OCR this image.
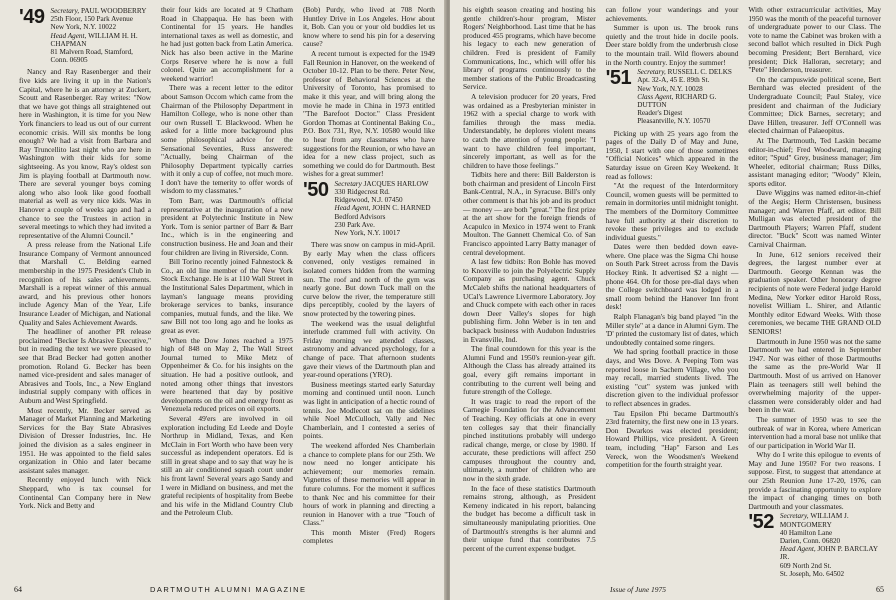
'49 Secretary, PAUL WOODBERRY
25th Floor, 150 Park Avenue
New York, N.Y. 10022
Head Agent, WILLIAM H. H. CHAPMAN
81 Malvern Road, Stamford, Conn. 06905

Nancy and Ray Rasenberger and their five kids are living it up in the Nation's Capital, where he is an attorney at Zuckert, Scoutt and Rasenberger. Ray writes: "Now that we have got things all straightened out here in Washington, it is time for you New York financiers to lead us out of our current economic crisis. Will six months be long enough? We had a visit from Barbara and Ray Truncellito last night who are here in Washington with their kids for some sightseeing. As you know, Ray's oldest son Jim is playing football at Dartmouth now. There are several younger boys coming along who also look like good football material as well as very nice kids. Was in Hanover a couple of weeks ago and had a chance to see the Trustees in action in several meetings to which they had invited a representative of the Alumni Council."

A press release from the National Life Insurance Company of Vermont announced that Marshall C. Belding earned membership in the 1975 President's Club in recognition of his sales achievements. Marshall is a repeat winner of this annual award, and his previous other honors include Agency Man of the Year, Life Insurance Leader of Michigan, and National Quality and Sales Achievement Awards.

The headliner of another PR release proclaimed "Becker Is Abrasive Executive," but in reading the text we were pleased to see that Brad Becker had gotten another promotion. Roland G. Becker has been named vice-president and sales manager of Abrasives and Tools, Inc., a New England industrial supply company with offices in Auburn and West Springfield.

Most recently, Mr. Becker served as Manager of Market Planning and Marketing Services for the Bay State Abrasives Division of Dresser Industries, Inc. He joined the division as a sales engineer in 1951. He was appointed to the field sales organization in Ohio and later became assistant sales manager.

Recently enjoyed lunch with Nick Sheppard, who is tax counsel for Continental Can Company here in New York. Nick and Betty and

their four kids are located at 9 Chatham Road in Chappaqua. He has been with Continental for 15 years. He handles international taxes as well as domestic, and he had just gotten back from Latin America. Nick has also been active in the Marine Corps Reserve where he is now a full colonel. Quite an accomplishment for a weekend warrior!

There was a recent letter to the editor about Samson Occom which came from the Chairman of the Philosophy Department in Hamilton College, who is none other than our own Russell T. Blackwood. When he asked for a little more background plus some philosophical advice for the Sensational Seventies, Russ answered: "Actually, being Chairman of the Philosophy Department typically carries with it only a cup of coffee, not much more. I don't have the temerity to offer words of wisdom to my classmates."

Tom Barr, was Dartmouth's official representative at the inauguration of a new president at Polytechnic Institute in New York. Tom is senior partner of Barr & Barr Inc., which is in the engineering and construction business. He and Joan and their four children are living in Riverside, Conn.

Bill Torino recently joined Fahnestock & Co., an old line member of the New York Stock Exchange. He is at 110 Wall Street in the Institutional Sales Department, which in layman's language means providing brokerage services to banks, insurance companies, mutual funds, and the like. We saw Bill not too long ago and he looks as great as ever.

When the Dow Jones reached a 1975 high of 848 on May 2, The Wall Street Journal turned to Mike Metz of Oppenheimer & Co. for his insights on the situation. He had a positive outlook, and noted among other things that investors were heartened that day by positive developments on the oil and energy front as Venezuela reduced prices on oil exports.

Several 49'ers are involved in oil exploration including Ed Leede and Doyle Northrup in Midland, Texas, and Ken McClain in Fort Worth who have been very successful as independent operators. Ed is still in great shape and to say that way he is still an air conditioned squash court under his front lawn! Several years ago Sandy and I were in Midland on business, and met the grateful recipients of hospitality from Beebe and his wife in the Midland Country Club and the Petroleum Club.

(Bob) Purdy, who lived at 708 North Huntley Drive in Los Angeles. How about it, Bob. Can you or your old buddies let us know where to send his pin for a deserving cause?

A recent turnout is expected for the 1949 Fall Reunion in Hanover, on the weekend of October 10-12. Plan to be there. Peter New, professor of Behavioral Sciences at the University of Toronto, has promised to make it this year, and will bring along the movie he made in China in 1973 entitled "The Barefoot Doctor." Class President Gordon Thomas at Continental Baking Co., P.O. Box 731, Rye, N.Y. 10580 would like to hear from any classmates who have suggestions for the Reunion, or who have an idea for a new class project, such as something we could do for Dartmouth. Best wishes for a great summer!

'50 Secretary JACQUES HARLOW
330 Ridgecrest Rd.
Ridgewood, N.J. 07450
Head Agent, JOHN C. HARNED
Bedford Advisors
230 Park Ave.
New York, N.Y. 10017

There was snow on campus in mid-April. By early May when the class officers convened, only vestiges remained in isolated corners hidden from the warming sun. The roof and north of the gym was nearly gone. But down Tuck mall on the curve below the river, the temperature still dips perceptibly, cooled by the layers of snow protected by the towering pines.

The weekend was the usual delightful interlude crammed full with activity. On Friday morning we attended classes, astronomy and advanced psychology, for a change of pace. That afternoon students gave their views of the Dartmouth plan and year-round operations (YRO).

Business meetings started early Saturday morning and continued until noon. Lunch was light in anticipation of a hectic round of tennis. Joe Modlecott sat on the sidelines while Noel McCulloch, Vally and Nec Chamberlain, and I contested a series of points.

The weekend afforded Nes Chamberlain a chance to complete plans for our 25th. We now need no longer anticipate his achievement; our memories remain. Vignettes of these memories will appear in future columns. For the moment it suffices to thank Nec and his committee for their hours of work in planning and directing a reunion in Hanover with a true "Touch of Class."

This month Mister (Fred) Rogers completes

64	DARTMOUTH ALUMNI MAGAZINE

his eighth season creating and hosting his gentle children's-hour program, Mister Rogers' Neighborhood. Last time that he has produced 455 programs, which have become his legacy to each new generation of children. Fred is president of Family Communications, Inc., which will offer his library of programs continuously to the member stations of the Public Broadcasting Service.

A television producer for 20 years, Fred was ordained as a Presbyterian minister in 1962 with a special charge to work with families through the mass media. Understandably, he deplores violent means to catch the attention of young people: "I want to have children feel important, sincerely important, as well as for the children to have those feelings."

Tidbits here and there: Bill Balderston is both chairman and president of Lincoln First Bank-Central, N.A., in Syracuse. Bill's only other comment is that his job and its product — money — are both "great." The first prize at the art show for the foreign friends of Acapulco in Mexico in 1974 went to Frank Moulton. The Gannett Chemical Co. of San Francisco appointed Larry Batty manager of central development.

A last few tidbits: Ron Bohle has moved to Knoxville to join the Polyelectric Supply Company as purchasing agent. Chuck McCaleb shifts the national headquarters of UCal's Lawrence Livermore Laboratory. Joy and Chuck compete with each other in races down Deer Valley's slopes for high publishing firm. John Weber is in ten and backpack business with Audubon Industries in Evansville, Ind.

The final countdown for this year is the Alumni Fund and 1950's reunion-year gift. Although the Class has already attained its goal, every gift remains important in contributing to the current well being and future strength of the College.

It was tragic to read the report of the Carnegie Foundation for the Advancement of Teaching. Key officials at one in every ten colleges say that their financially pinched institutions probably will undergo radical change, merge, or close by 1980. If accurate, these predictions will affect 250 campuses throughout the country and, ultimately, a number of children who are now in the sixth grade.

In the face of these statistics Dartmouth remains strong, although, as President Kemeny indicated in his report, balancing the budget has become a difficult task in simultaneously manipulating priorities. One of Dartmouth's strengths is her alumni and their unique fund that contributes 7.5 percent of the current expense budget.

can follow your wanderings and your achievements.

Summer is upon us. The brook runs quietly and the trout hide in docile pools. Deer stare boldly from the underbrush close to the mountain trail. Wild flowers abound in the North country. Enjoy the summer!

'51 Secretary, RUSSELL C. DELKS
Apt. 32-A, 45 E. 89th St.
New York, N.Y. 10028
Class Agent, RICHARD G. DUTTON
Reader's Digest
Pleasantville, N.Y. 10570

Picking up with 25 years ago from the pages of the Daily D of May and June, 1950, I start with one of those sometimes "Official Notices" which appeared in the Saturday issue on Green Key Weekend. It read as follows:

"At the request of the Interdormitory Council, women guests will be permitted to remain in dormitories until midnight tonight. The members of the Dormitory Committee have full authority at their discretion to revoke these privileges and to exclude individual guests."

Dates were then bedded down eave-where. One place was the Sigma Chi house on South Park Street across from the Davis Hockey Rink. It advertised $2 a night — phone 464. Oh for those pre-dial days when the College switchboard was lodged in a small room behind the Hanover Inn front desk!

Ralph Flanagan's big band played "in the Miller style" at a dance in Alumni Gym. The 'D' printed the customary list of dates, which undoubtedly contained some ringers.

We had spring football practice in those days, and Wes Dove. A Peeping Tom was reported loose in Sachem Village, who you may recall, married students lived. The existing "cut" system was junked with discretion given to the individual professor to reflect absences in grades.

Tau Epsilon Phi became Dartmouth's 23rd fraternity, the first new one in 13 years. Don Dwarkos was elected president; Howard Phillips, vice president. A Green team, including "Hap" Farson and Les Vereck, won the Woodsmen's Weekend competition for the fourth straight year.

With other extracurricular activities, May 1950 was the month of the peaceful turnover of undergraduate power to our Class. The vote to name the Cabinet was broken with a second ballot which resulted in Dick Pugh becoming President; Bert Bernhard, vice president; Dick Halloran, secretary; and "Pete" Henderson, treasurer.

On the campuswide political scene, Bert Bernhard was elected president of the Undergraduate Council; Paul Staley, vice president and chairman of the Judiciary Committee; Dick Barnes, secretary; and Dave Hillen, treasurer. Jeff O'Connell was elected chairman of Palaeopitus.

At The Dartmouth, Ted Laskin became editor-in-chief; Fred Woodward, managing editor; "Spud" Grey, business manager; Jim Wheeler, editorial chairman; Russ Dilks, assistant managing editor; "Woody" Klein, sports editor.

Dave Wiggins was named editor-in-chief of the Aegis; Herm Christensen, business manager; and Warren Pfaff, art editor. Bill Mulligan was elected president of the Dartmouth Players; Warren Pfaff, student director. "Buck" Scott was named Winter Carnival Chairman.

In June, 612 seniors received their degrees, the largest number ever at Dartmouth. George Kennan was the graduation speaker. Other honorary degree recipients of note were Federal judge Harold Medina, New Yorker editor Harold Ross, novelist William L. Shirer, and Atlantic Monthly editor Edward Weeks. With those ceremonies, we became THE GRAND OLD SENIORS!

Dartmouth in June 1950 was not the same Dartmouth we had entered in September 1947. Nor was either of those Dartmouths the same as the pre-World War II Dartmouth. Most of us arrived on Hanover Plain as teenagers still well behind the overwhelming majority of the upper-classmen were considerably older and had been in the war.

The summer of 1950 was to see the outbreak of war in Korea, where American intervention had a moral base not unlike that of our participation in World War II.

Why do I write this epilogue to events of May and June 1950? For two reasons. I suppose. First, to suggest that attendance at our 25th Reunion June 17-20, 1976, can provide a fascinating opportunity to explore the impact of changing times on both Dartmouth and your classmates.

'52 Secretary, WILLIAM J. MONTGOMERY
40 Hamilton Lane
Darien, Conn. 06820
Head Agent, JOHN P. BARCLAY JR.
609 North 2nd St.
St. Joseph, Mo. 64502

Issue of June 1975	65
